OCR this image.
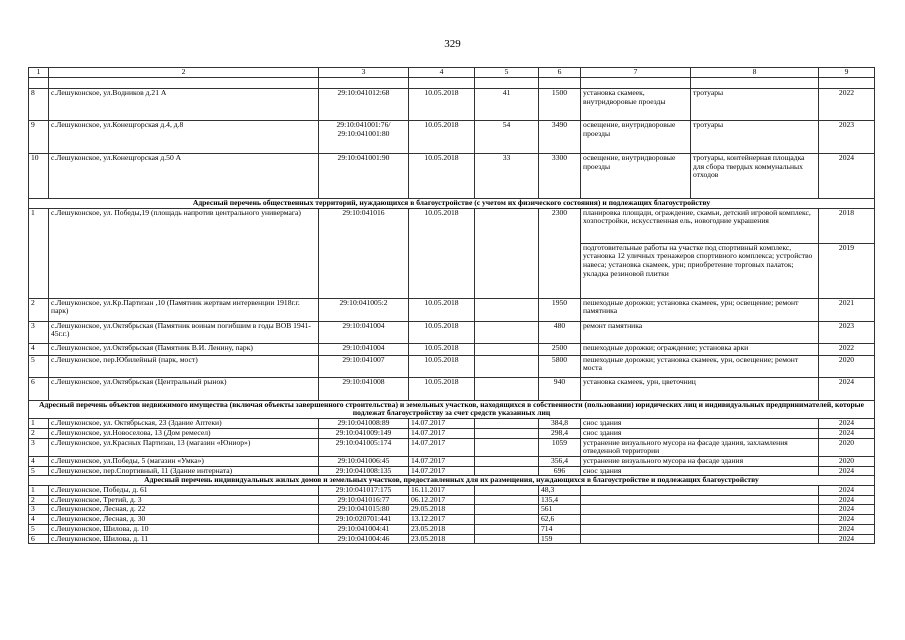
329
1	2	3	4	5	6	7	8	9

8	с.Лешуконское, ул.Водников д.21 А	29:10:041012:68	10.05.2018	41	1500	установка скамеек, внутридворовые проезды	тротуары	2022
9	с.Лешуконское, ул.Конещгорская д.4, д.8	29:10:041001:76/ 29:10:041001:80	10.05.2018	54	3490	освещение, внутридворовые проезды	тротуары	2023
10	с.Лешуконское, ул.Конещгорская д.50 А	29:10:041001:90	10.05.2018	33	3300	освещение, внутридворовые проезды	тротуары, контейнерная площадка для сбора твердых коммунальных отходов	2024
Адресный перечень общественных территорий, нуждающихся в благоустройстве (с учетом их физического состояния) и подлежащих благоустройству								
1	с.Лешуконское, ул. Победы,19 (площадь напротив центрального универмага)	29:10:041016	10.05.2018		2300	планировка площади, ограждение, скамьи, детский игровой комплекс, хозпостройки, искусственная ель, новогодние украшения		2018
						подготовительные работы на участке под спортивный комплекс, установка 12 уличных тренажеров спортивного комплекса; устройство навеса; установка скамеек, урн; приобретение торговых палаток; укладка резиновой плитки		2019
2	с.Лешуконское, ул.Кр.Партизан ,10 (Памятник жертвам интервенции 1918г.г. парк)	29:10:041005:2	10.05.2018		1950	пешеходные дорожки; установка скамеек, урн; освещение; ремонт памятника		2021
3	с.Лешуконское, ул.Октябрьская (Памятник воинам погибшим в годы ВОВ 1941-45г.г.)	29:10:041004	10.05.2018		480	ремонт памятника		2023
4	с.Лешуконское, ул.Октябрьская (Памятник В.И. Ленину, парк)	29:10:041004	10.05.2018		2500	пешеходные дорожки; ограждение; установка арки		2022
5	с.Лешуконское, пер.Юбилейный (парк, мост)	29:10:041007	10.05.2018		5800	пешеходные дорожки; установка скамеек, урн, освещение; ремонт моста		2020
6	с.Лешуконское, ул.Октябрьская (Центральный рынок)	29:10:041008	10.05.2018		940	установка скамеек, урн, цветочниц		2024
Адресный перечень объектов недвижимого имущества (включая объекты завершенного строительства) и земельных участков, находящихся в собственности (пользовании) юридических лиц и индивидуальных предпринимателей, которые подлежат благоустройству за счет средств указанных лиц								
1	с.Лешуконское, ул. Октябрьская, 23 (Здание Аптеки)	29:10:041008:89	14.07.2017		384,8	снос здания		2024
2	с.Лешуконское, ул.Новоселова, 13 (Дом ремесел)	29:10:041009:149	14.07.2017		298,4	снос здания		2024
3	с.Лешуконское, ул.Красных Партизан, 13 (магазин «Юниор»)	29:10:041005:174	14.07.2017		1059	устранение визуального мусора на фасаде здания, захламления отведенной территории		2020
4	с.Лешуконское, ул.Победы, 5 (магазин «Умка»)	29:10:041006:45	14.07.2017		356,4	устранение визуального мусора на фасаде здания		2020
5	с.Лешуконское, пер.Спортивный, 11 (Здание интерната)	29:10:041008:135	14.07.2017		696	снос здания		2024
Адресный перечень индивидуальных жилых домов и земельных участков, предоставленных для их размещения, нуждающихся в благоустройстве и подлежащих благоустройству								
1	с.Лешуконское, Победы, д. 61	29:10:041017:175	16.11.2017		48,3			2024
2	с.Лешуконское, Третий, д. 3	29:10:041016:77	06.12.2017		135,4			2024
3	с.Лешуконское, Лесная, д. 22	29:10:041015:80	29.05.2018		561			2024
4	с.Лешуконское, Лесная, д. 30	29:10:020701:441	13.12.2017		62,6			2024
5	с.Лешуконское, Шилова, д. 10	29:10:041004:41	23.05.2018		714			2024
6	с.Лешуконское, Шилова, д. 11	29:10:041004:46	23.05.2018		159			2024
